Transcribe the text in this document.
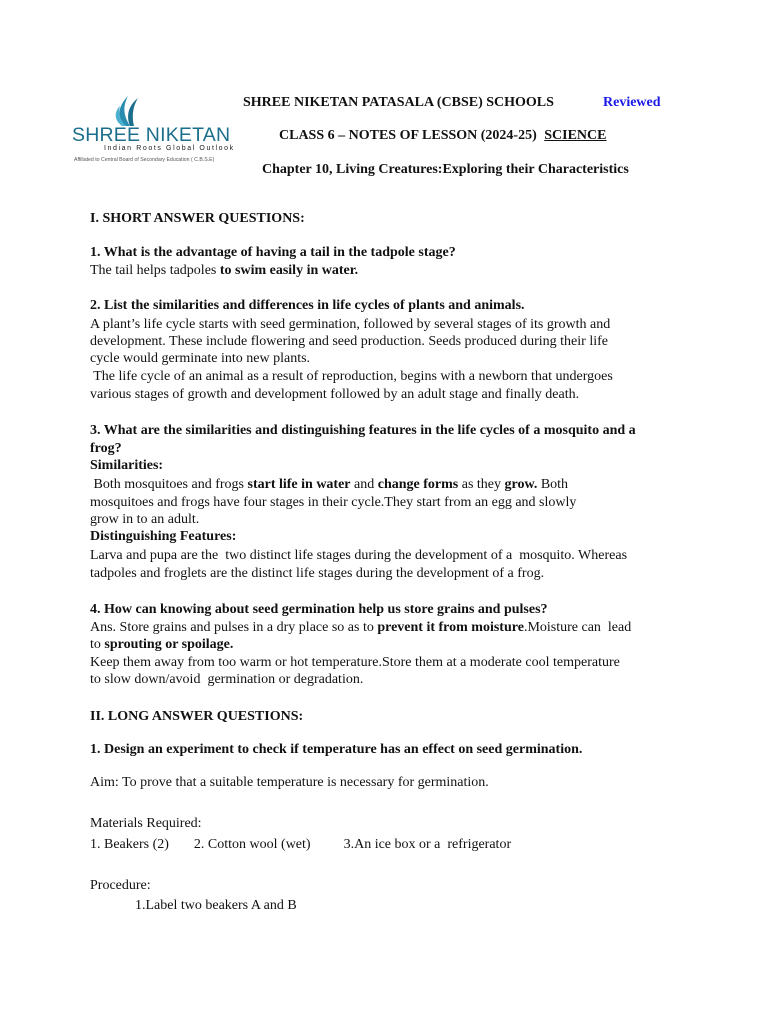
SHREE NIKETAN
Indian Roots Global Outlook
Affiliated to Central Board of Secondary Education ( C.B.S.E)
SHREE NIKETAN PATASALA (CBSE) SCHOOLS	Reviewed
CLASS 6 – NOTES OF LESSON (2024-25) SCIENCE
Chapter 10, Living Creatures:Exploring their Characteristics
I. SHORT ANSWER QUESTIONS:
1. What is the advantage of having a tail in the tadpole stage?
The tail helps tadpoles to swim easily in water.
2. List the similarities and differences in life cycles of plants and animals.
A plant’s life cycle starts with seed germination, followed by several stages of its growth and
development. These include flowering and seed production. Seeds produced during their life
cycle would germinate into new plants.
The life cycle of an animal as a result of reproduction, begins with a newborn that undergoes
various stages of growth and development followed by an adult stage and finally death.
3. What are the similarities and distinguishing features in the life cycles of a mosquito and a
frog?
Similarities:
Both mosquitoes and frogs start life in water and change forms as they grow. Both
mosquitoes and frogs have four stages in their cycle.They start from an egg and slowly
grow in to an adult.
Distinguishing Features:
Larva and pupa are the  two distinct life stages during the development of a  mosquito. Whereas
tadpoles and froglets are the distinct life stages during the development of a frog.
4. How can knowing about seed germination help us store grains and pulses?
Ans. Store grains and pulses in a dry place so as to prevent it from moisture.Moisture can  lead
to sprouting or spoilage.
Keep them away from too warm or hot temperature.Store them at a moderate cool temperature
to slow down/avoid  germination or degradation.
II. LONG ANSWER QUESTIONS:
1. Design an experiment to check if temperature has an effect on seed germination.
Aim: To prove that a suitable temperature is necessary for germination.
Materials Required:
1. Beakers (2) 2. Cotton wool (wet) 3.An ice box or a  refrigerator
Procedure:
1.Label two beakers A and B
